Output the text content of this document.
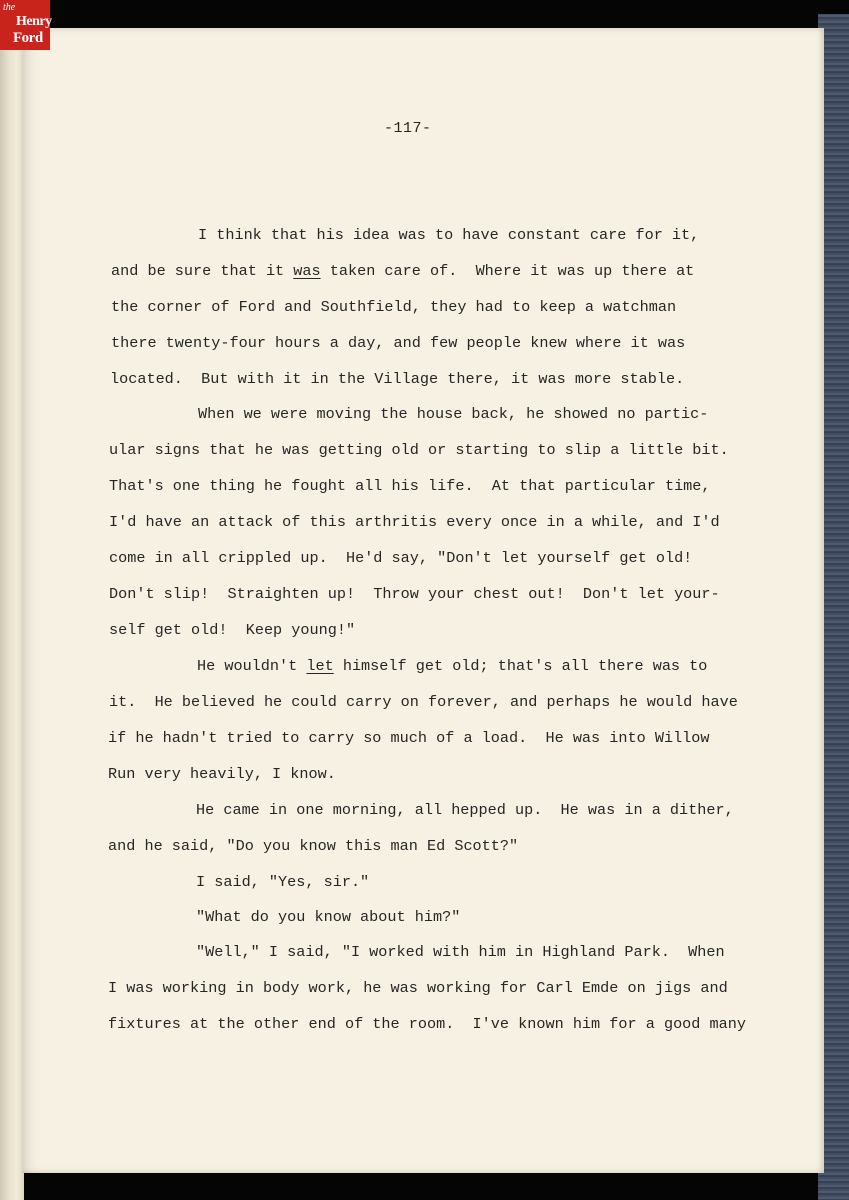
the
Henry
Ford
-117-
I think that his idea was to have constant care for it,
and be sure that it was taken care of.  Where it was up there at
the corner of Ford and Southfield, they had to keep a watchman
there twenty-four hours a day, and few people knew where it was
located.  But with it in the Village there, it was more stable.
When we were moving the house back, he showed no partic-
ular signs that he was getting old or starting to slip a little bit.
That's one thing he fought all his life.  At that particular time,
I'd have an attack of this arthritis every once in a while, and I'd
come in all crippled up.  He'd say, "Don't let yourself get old!
Don't slip!  Straighten up!  Throw your chest out!  Don't let your-
self get old!  Keep young!"
He wouldn't let himself get old; that's all there was to
it.  He believed he could carry on forever, and perhaps he would have
if he hadn't tried to carry so much of a load.  He was into Willow
Run very heavily, I know.
He came in one morning, all hepped up.  He was in a dither,
and he said, "Do you know this man Ed Scott?"
I said, "Yes, sir."
"What do you know about him?"
"Well," I said, "I worked with him in Highland Park.  When
I was working in body work, he was working for Carl Emde on jigs and
fixtures at the other end of the room.  I've known him for a good many
